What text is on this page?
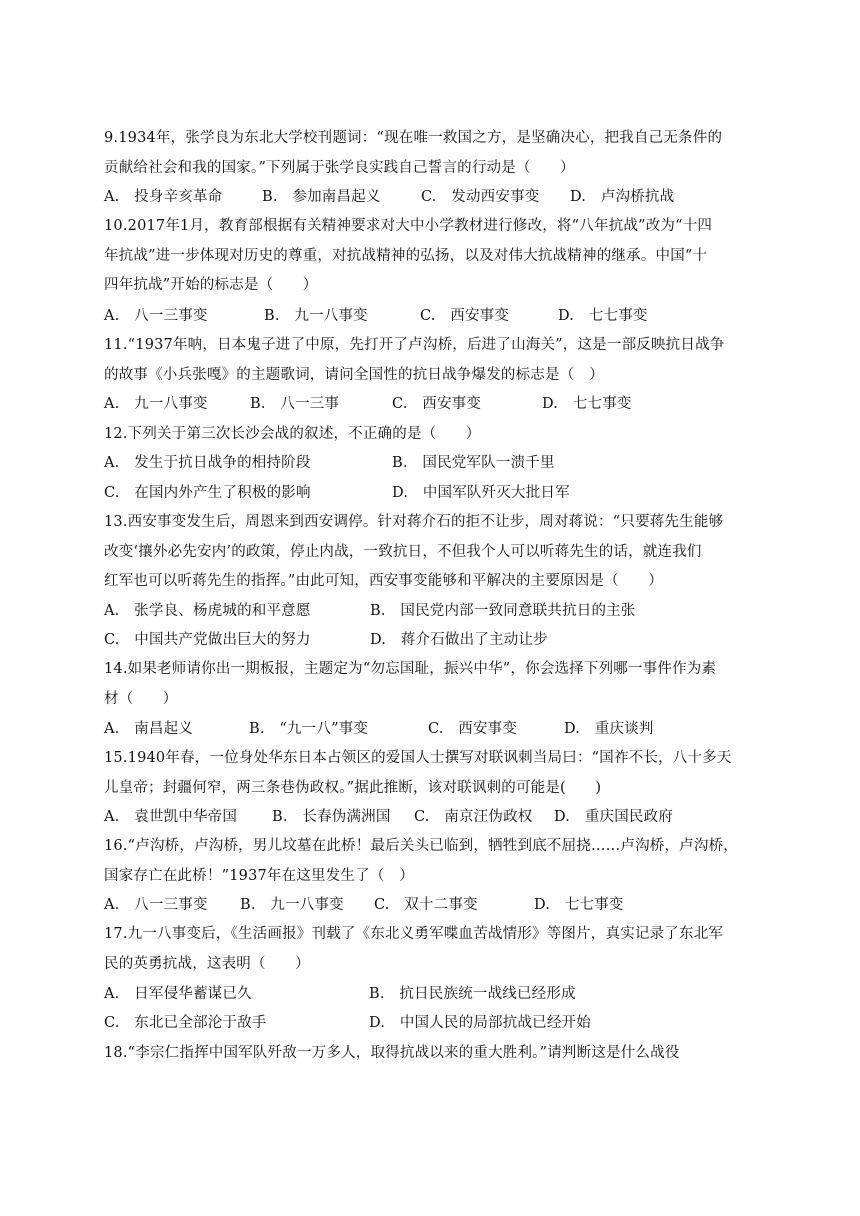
9.1934年，张学良为东北大学校刊题词：“现在唯一救国之方，是坚确决心，把我自己无条件的
贡献给社会和我的国家。”下列属于张学良实践自己誓言的行动是（　　）
A.　投身辛亥革命	B.　参加南昌起义	C.　发动西安事变 D.　卢沟桥抗战
10.2017年1月，教育部根据有关精神要求对大中小学教材进行修改，将“八年抗战”改为“十四
年抗战”进一步体现对历史的尊重，对抗战精神的弘扬，以及对伟大抗战精神的继承。中国“十
四年抗战”开始的标志是（　　）
A.　八一三事变	B.　九一八事变	C.　西安事变	D.　七七事变
11.“1937年呐，日本鬼子进了中原，先打开了卢沟桥，后进了山海关”，这是一部反映抗日战争
的故事《小兵张嘎》的主题歌词，请问全国性的抗日战争爆发的标志是（　）
A.　九一八事变	B.　八一三事	C.　西安事变	D.　七七事变
12.下列关于第三次长沙会战的叙述，不正确的是（　　）
A.　发生于抗日战争的相持阶段	B.　国民党军队一溃千里
C.　在国内外产生了积极的影响	D.　中国军队歼灭大批日军
13.西安事变发生后，周恩来到西安调停。针对蒋介石的拒不让步，周对蒋说：“只要蒋先生能够
改变‘攘外必先安内’的政策，停止内战，一致抗日，不但我个人可以听蒋先生的话，就连我们
红军也可以听蒋先生的指挥。”由此可知，西安事变能够和平解决的主要原因是（　　）
A.　张学良、杨虎城的和平意愿	B.　国民党内部一致同意联共抗日的主张
C.　中国共产党做出巨大的努力	D.　蒋介石做出了主动让步
14.如果老师请你出一期板报，主题定为“勿忘国耻，振兴中华”，你会选择下列哪一事件作为素
材（　　）
A.　南昌起义	B.　“九一八”事变	C.　西安事变	D.　重庆谈判
15.1940年春，一位身处华东日本占领区的爱国人士撰写对联讽刺当局曰：“国祚不长，八十多天
儿皇帝；封疆何窄，两三条巷伪政权。”据此推断，该对联讽刺的可能是(　　)
A.　袁世凯中华帝国 B.　长春伪满洲国 C.　南京汪伪政权 D.　重庆国民政府
16.“卢沟桥，卢沟桥，男儿坟墓在此桥！最后关头已临到，牺牲到底不屈挠……卢沟桥，卢沟桥，
国家存亡在此桥！”1937年在这里发生了（　）
A.　八一三事变 B.　九一八事变 C.　双十二事变	D.　七七事变
17.九一八事变后，《生活画报》刊载了《东北义勇军喋血苦战情形》等图片，真实记录了东北军
民的英勇抗战，这表明（　　）
A.　日军侵华蓄谋已久	B.　抗日民族统一战线已经形成
C.　东北已全部沦于敌手	D.　中国人民的局部抗战已经开始
18.“李宗仁指挥中国军队歼敌一万多人，取得抗战以来的重大胜利。”请判断这是什么战役
